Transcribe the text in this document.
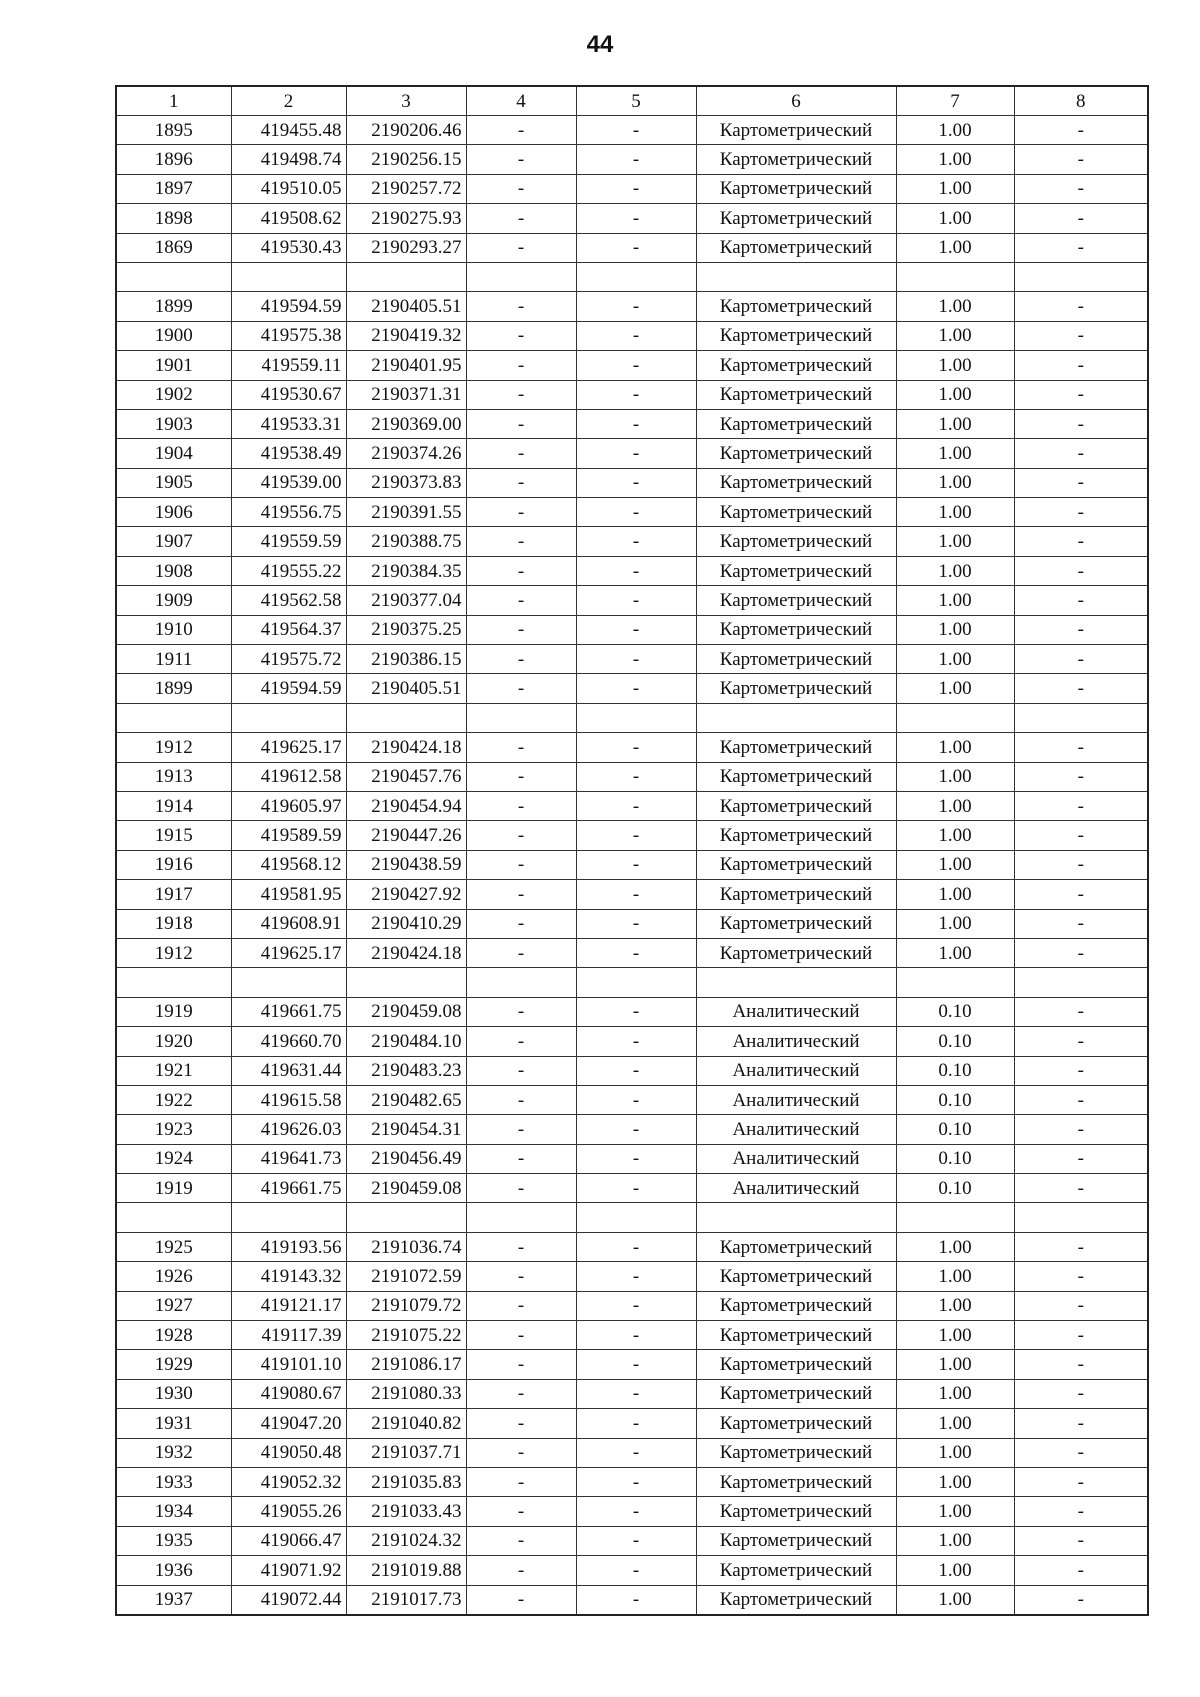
44
1	2	3	4	5	6	7	8
1895	419455.48	2190206.46	-	-	Картометрический	1.00	-
1896	419498.74	2190256.15	-	-	Картометрический	1.00	-
1897	419510.05	2190257.72	-	-	Картометрический	1.00	-
1898	419508.62	2190275.93	-	-	Картометрический	1.00	-
1869	419530.43	2190293.27	-	-	Картометрический	1.00	-

1899	419594.59	2190405.51	-	-	Картометрический	1.00	-
1900	419575.38	2190419.32	-	-	Картометрический	1.00	-
1901	419559.11	2190401.95	-	-	Картометрический	1.00	-
1902	419530.67	2190371.31	-	-	Картометрический	1.00	-
1903	419533.31	2190369.00	-	-	Картометрический	1.00	-
1904	419538.49	2190374.26	-	-	Картометрический	1.00	-
1905	419539.00	2190373.83	-	-	Картометрический	1.00	-
1906	419556.75	2190391.55	-	-	Картометрический	1.00	-
1907	419559.59	2190388.75	-	-	Картометрический	1.00	-
1908	419555.22	2190384.35	-	-	Картометрический	1.00	-
1909	419562.58	2190377.04	-	-	Картометрический	1.00	-
1910	419564.37	2190375.25	-	-	Картометрический	1.00	-
1911	419575.72	2190386.15	-	-	Картометрический	1.00	-
1899	419594.59	2190405.51	-	-	Картометрический	1.00	-

1912	419625.17	2190424.18	-	-	Картометрический	1.00	-
1913	419612.58	2190457.76	-	-	Картометрический	1.00	-
1914	419605.97	2190454.94	-	-	Картометрический	1.00	-
1915	419589.59	2190447.26	-	-	Картометрический	1.00	-
1916	419568.12	2190438.59	-	-	Картометрический	1.00	-
1917	419581.95	2190427.92	-	-	Картометрический	1.00	-
1918	419608.91	2190410.29	-	-	Картометрический	1.00	-
1912	419625.17	2190424.18	-	-	Картометрический	1.00	-

1919	419661.75	2190459.08	-	-	Аналитический	0.10	-
1920	419660.70	2190484.10	-	-	Аналитический	0.10	-
1921	419631.44	2190483.23	-	-	Аналитический	0.10	-
1922	419615.58	2190482.65	-	-	Аналитический	0.10	-
1923	419626.03	2190454.31	-	-	Аналитический	0.10	-
1924	419641.73	2190456.49	-	-	Аналитический	0.10	-
1919	419661.75	2190459.08	-	-	Аналитический	0.10	-

1925	419193.56	2191036.74	-	-	Картометрический	1.00	-
1926	419143.32	2191072.59	-	-	Картометрический	1.00	-
1927	419121.17	2191079.72	-	-	Картометрический	1.00	-
1928	419117.39	2191075.22	-	-	Картометрический	1.00	-
1929	419101.10	2191086.17	-	-	Картометрический	1.00	-
1930	419080.67	2191080.33	-	-	Картометрический	1.00	-
1931	419047.20	2191040.82	-	-	Картометрический	1.00	-
1932	419050.48	2191037.71	-	-	Картометрический	1.00	-
1933	419052.32	2191035.83	-	-	Картометрический	1.00	-
1934	419055.26	2191033.43	-	-	Картометрический	1.00	-
1935	419066.47	2191024.32	-	-	Картометрический	1.00	-
1936	419071.92	2191019.88	-	-	Картометрический	1.00	-
1937	419072.44	2191017.73	-	-	Картометрический	1.00	-
